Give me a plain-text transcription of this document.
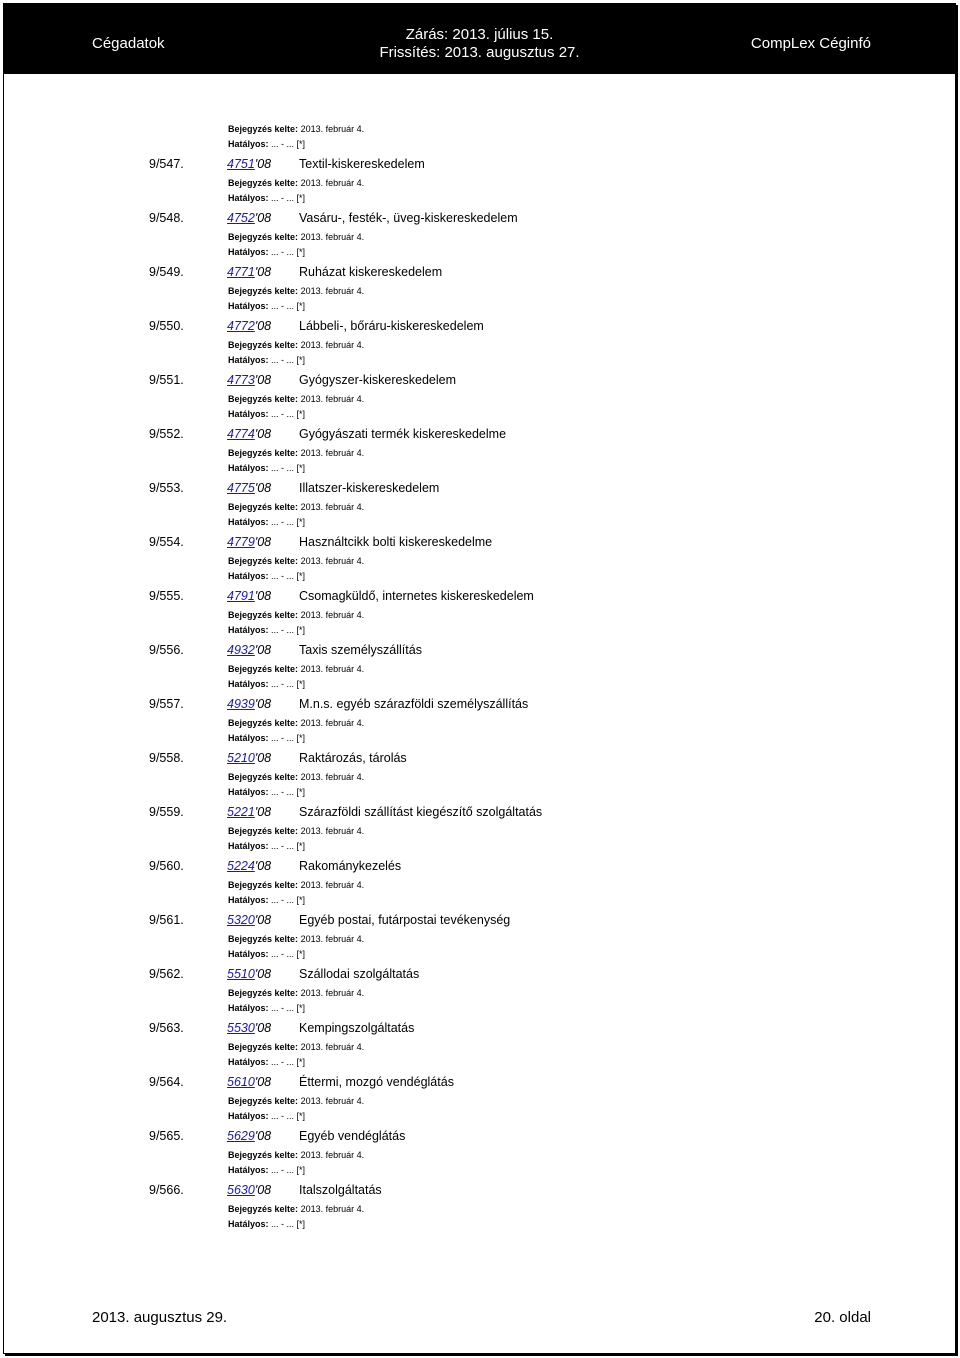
Cégadatok
Zárás: 2013. július 15.
Frissítés: 2013. augusztus 27.
CompLex Céginfó
Bejegyzés kelte: 2013. február 4.
Hatályos: ... - ... [*]
9/547.	4751'08 Textil-kiskereskedelem
Bejegyzés kelte: 2013. február 4.
Hatályos: ... - ... [*]
9/548.	4752'08 Vasáru-, festék-, üveg-kiskereskedelem
Bejegyzés kelte: 2013. február 4.
Hatályos: ... - ... [*]
9/549.	4771'08 Ruházat kiskereskedelem
Bejegyzés kelte: 2013. február 4.
Hatályos: ... - ... [*]
9/550.	4772'08 Lábbeli-, bőráru-kiskereskedelem
Bejegyzés kelte: 2013. február 4.
Hatályos: ... - ... [*]
9/551.	4773'08 Gyógyszer-kiskereskedelem
Bejegyzés kelte: 2013. február 4.
Hatályos: ... - ... [*]
9/552.	4774'08 Gyógyászati termék kiskereskedelme
Bejegyzés kelte: 2013. február 4.
Hatályos: ... - ... [*]
9/553.	4775'08 Illatszer-kiskereskedelem
Bejegyzés kelte: 2013. február 4.
Hatályos: ... - ... [*]
9/554.	4779'08 Használtcikk bolti kiskereskedelme
Bejegyzés kelte: 2013. február 4.
Hatályos: ... - ... [*]
9/555.	4791'08 Csomagküldő, internetes kiskereskedelem
Bejegyzés kelte: 2013. február 4.
Hatályos: ... - ... [*]
9/556.	4932'08 Taxis személyszállítás
Bejegyzés kelte: 2013. február 4.
Hatályos: ... - ... [*]
9/557.	4939'08 M.n.s. egyéb szárazföldi személyszállítás
Bejegyzés kelte: 2013. február 4.
Hatályos: ... - ... [*]
9/558.	5210'08 Raktározás, tárolás
Bejegyzés kelte: 2013. február 4.
Hatályos: ... - ... [*]
9/559.	5221'08 Szárazföldi szállítást kiegészítő szolgáltatás
Bejegyzés kelte: 2013. február 4.
Hatályos: ... - ... [*]
9/560.	5224'08 Rakománykezelés
Bejegyzés kelte: 2013. február 4.
Hatályos: ... - ... [*]
9/561.	5320'08 Egyéb postai, futárpostai tevékenység
Bejegyzés kelte: 2013. február 4.
Hatályos: ... - ... [*]
9/562.	5510'08 Szállodai szolgáltatás
Bejegyzés kelte: 2013. február 4.
Hatályos: ... - ... [*]
9/563.	5530'08 Kempingszolgáltatás
Bejegyzés kelte: 2013. február 4.
Hatályos: ... - ... [*]
9/564.	5610'08 Éttermi, mozgó vendéglátás
Bejegyzés kelte: 2013. február 4.
Hatályos: ... - ... [*]
9/565.	5629'08 Egyéb vendéglátás
Bejegyzés kelte: 2013. február 4.
Hatályos: ... - ... [*]
9/566.	5630'08 Italszolgáltatás
Bejegyzés kelte: 2013. február 4.
Hatályos: ... - ... [*]
2013. augusztus 29.	20. oldal
